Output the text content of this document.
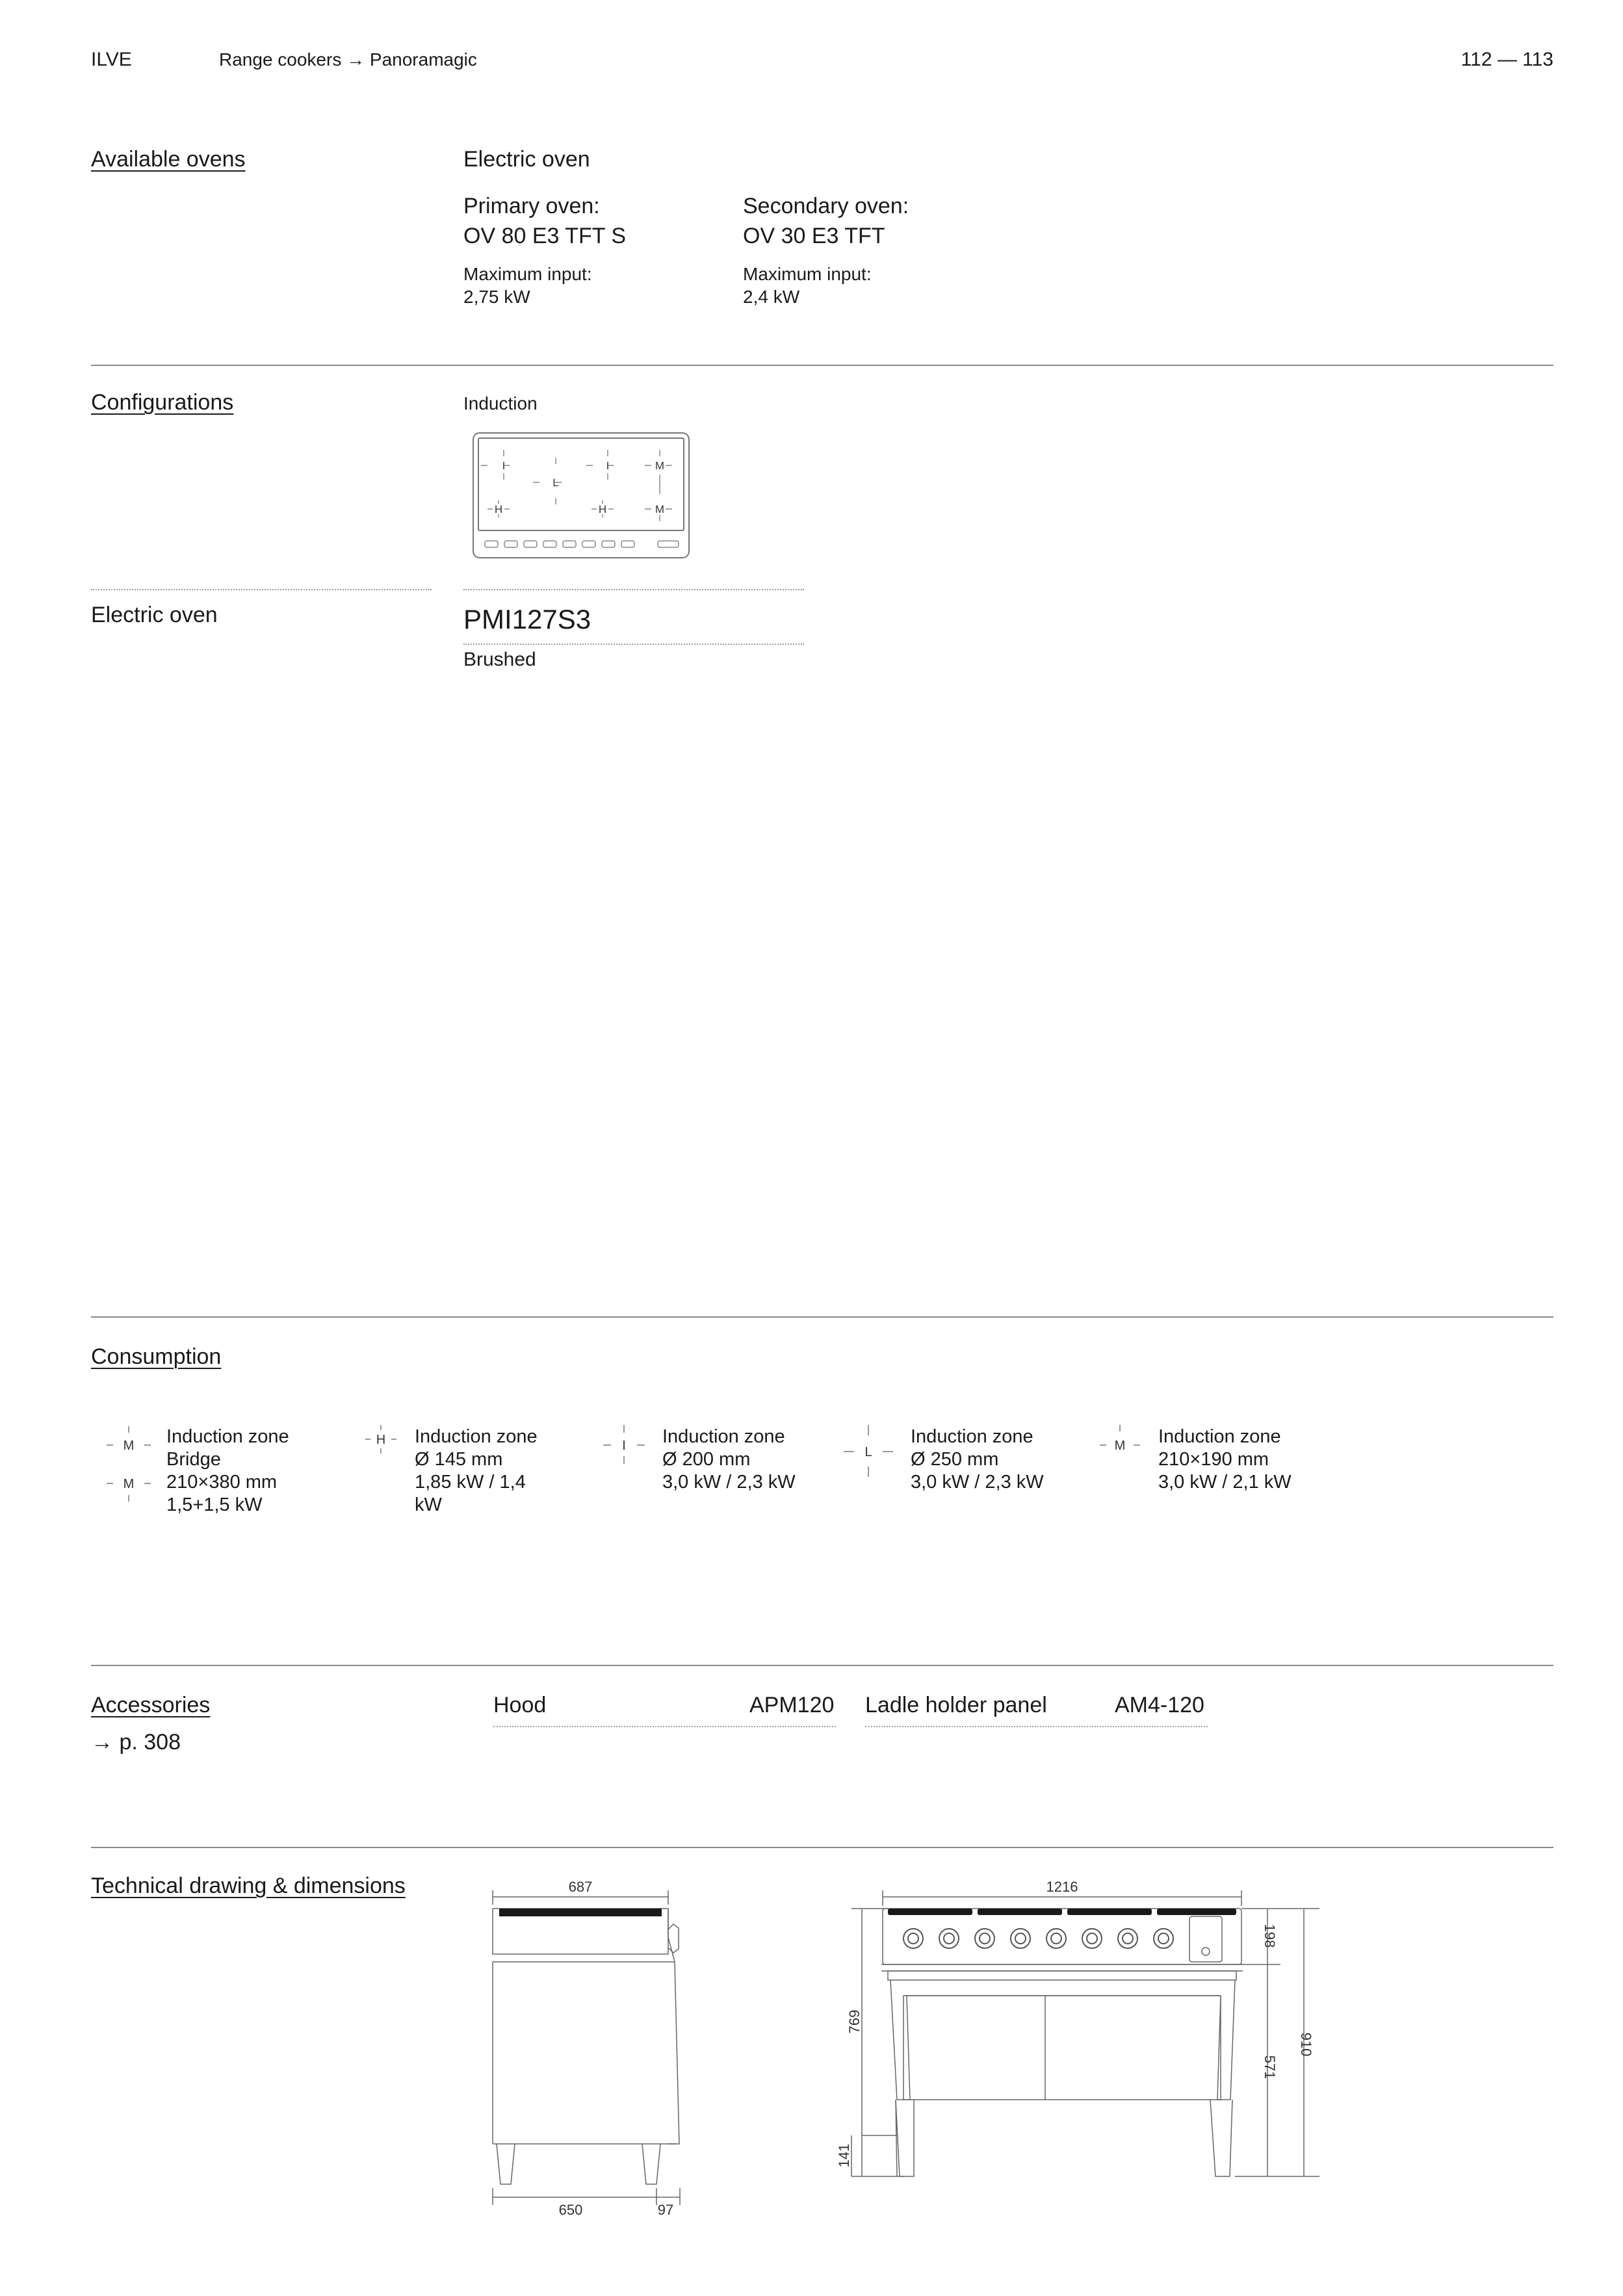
ILVE	Range cookers → Panoramagic	112 — 113
Available ovens	Electric oven
Primary oven:
OV 80 E3 TFT S
Maximum input:
2,75 kW
Secondary oven:
OV 30 E3 TFT
Maximum input:
2,4 kW
Configurations	Induction
I
L
I	M
H	H	M
Electric oven	PMI127S3
Brushed
Consumption
M
M
Induction zone
Bridge
210×380 mm
1,5+1,5 kW
H Induction zone
Ø 145 mm
1,85 kW / 1,4
kW
I Induction zone
Ø 200 mm
3,0 kW / 2,3 kW
L
Induction zone
Ø 250 mm
3,0 kW / 2,3 kW
M Induction zone
210×190 mm
3,0 kW / 2,1 kW
Accessories
→ p. 308
Hood	APM120 Ladle holder panel	AM4-120
Technical drawing & dimensions	687
650	97
1216
198
571
910
769
141
